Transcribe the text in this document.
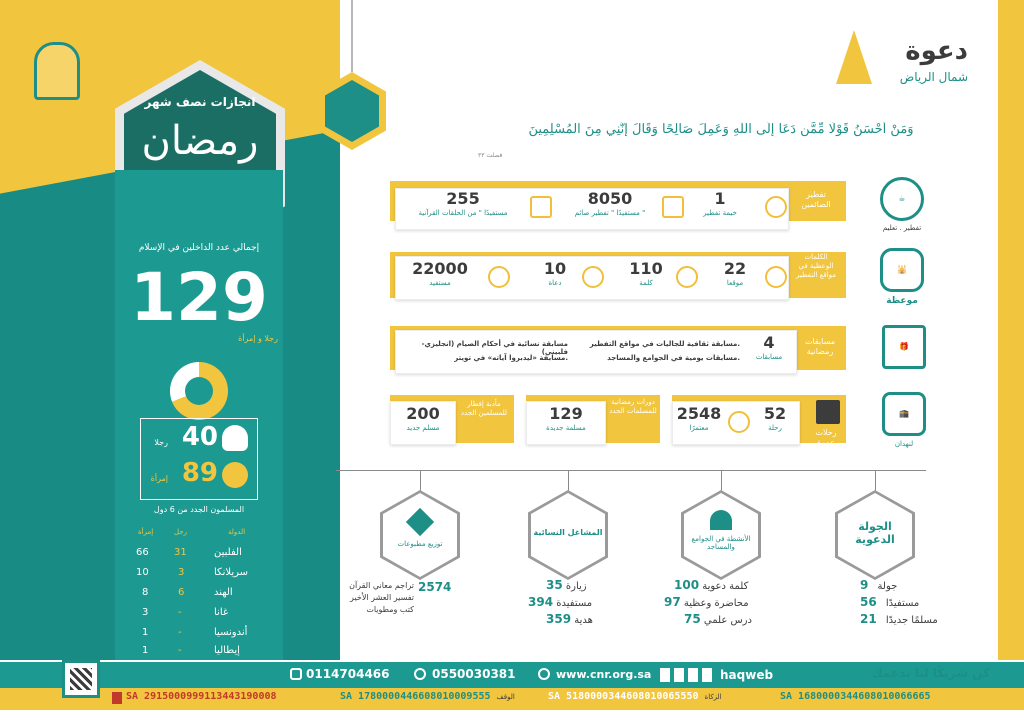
انجازات نصف شهر
رمضان
إجمالي عدد الداخلين في الإسلام
129
رجلا و إمرأة
40
رجلا
89
إمرأة
المسلمون الجدد من 6 دول
إمرأة	رجل	الدولة
66	31	الفلبين
10	3	سريلانكا
8	6	الهند
3	-	غانا
1	-	أندونسيا
1	-	إيطاليا
دعوة
شمال الرياض
وَمَنْ أَحْسَنُ قَوْلًا مِّمَّن دَعَا إِلَى اللَّهِ وَعَمِلَ صَالِحًا وَقَالَ إِنَّنِي مِنَ الْمُسْلِمِينَ
فصلت ٣٣
☕
تفطير . تعليم
تفطير الصائمين
1
خيمة تفطير
8050
مستفيدًا " تفطير صائم "
255
مستفيدًا " من الحلقات القرآنية
🕌
موعظة
الكلمات الوعظية في مواقع التفطير
22
موقعا
110
كلمة
10
دعاة
22000
مستفيد
🎁
مسابقات رمضانية
4
مسابقات
مسابقة ثقافية للجاليات في مواقع التفطير.
مسابقة نسائية في أحكام الصيام (انجليزي-فلبيني)
مسابقات يومية في الجوامع والمساجد.
مسابقة «ليدبروا آياته» في تويتر.
🕋
لنهدان
رحلات عمرة
52
رحلة
2548
معتمرًا
دورات رمضانية للمسلمات الجدد
129
مسلمة جديدة
مأدبة إفطار للمسلمين الجدد
200
مسلم جديد
توزيع مطبوعات
المشاغل النسائية
الأنشطة في الجوامع والمساجد
الجولة الدعوية
9 جولة
56 مستفيدًا
21 مسلمًا جديدًا
كلمة دعوية 100
محاضرة وعظية 97
درس علمي 75
زيارة 35
مستفيدة 394
هدية 359
2574
تراجم معاني القرآن
تفسير العشر الأخير
كتب ومطويات
كن شريكًا لنا بدعمك
haqweb
www.cnr.org.sa
0550030381
0114704466
SA 1680000344608010066665
SA 5180000344608010065550 الزكاة
SA 1780000446608010009555 الوقف
SA 2915000999113443190008
